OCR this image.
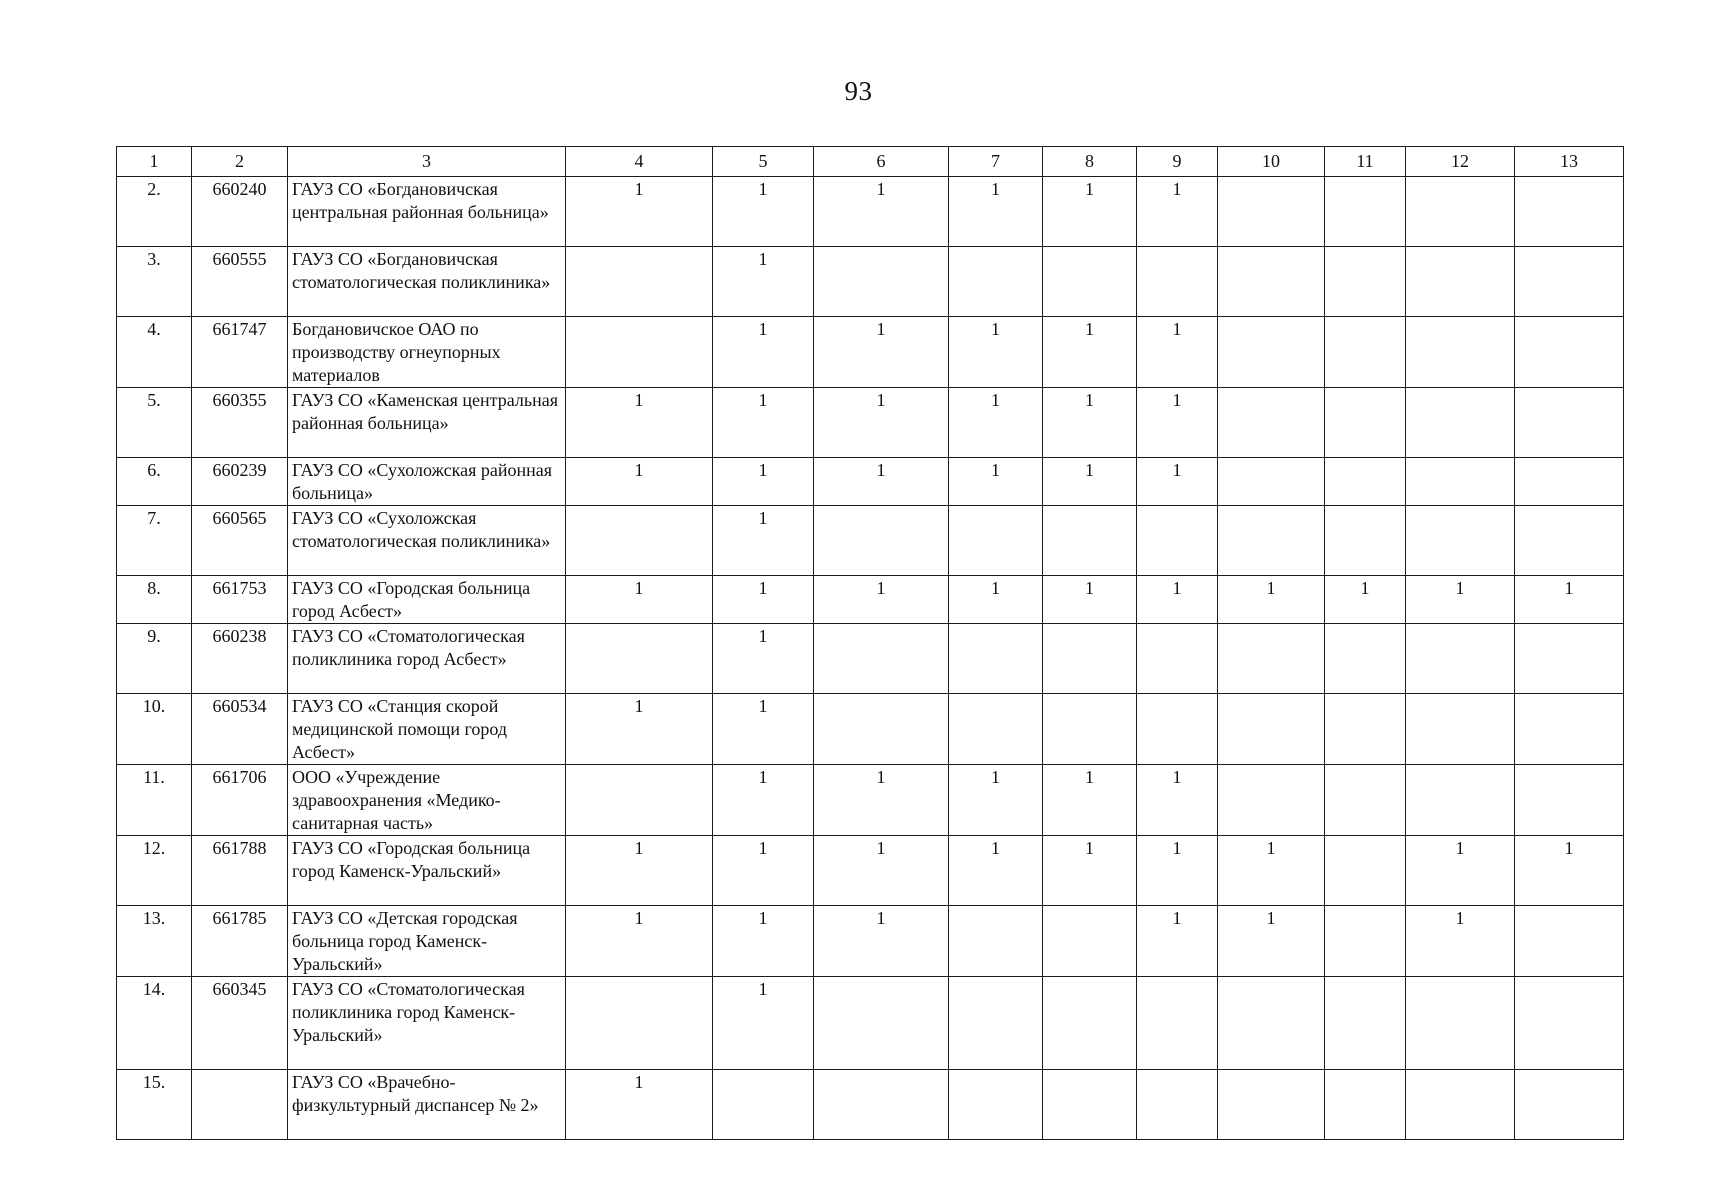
93
1	2	3	4	5	6	7	8	9	10	11	12	13
2.	660240	ГАУЗ СО «Богдановичская центральная районная больница»	1	1	1	1	1	1				
3.	660555	ГАУЗ СО «Богдановичская стоматологическая поликлиника»		1								
4.	661747	Богдановичское ОАО по производству огнеупорных материалов		1	1	1	1	1				
5.	660355	ГАУЗ СО «Каменская центральная районная больница»	1	1	1	1	1	1				
6.	660239	ГАУЗ СО «Сухоложская районная больница»	1	1	1	1	1	1				
7.	660565	ГАУЗ СО «Сухоложская стоматологическая поликлиника»		1								
8.	661753	ГАУЗ СО «Городская больница город Асбест»	1	1	1	1	1	1	1	1	1	1
9.	660238	ГАУЗ СО «Стоматологическая поликлиника город Асбест»		1								
10.	660534	ГАУЗ СО «Станция скорой медицинской помощи город Асбест»	1	1								
11.	661706	ООО «Учреждение здравоохранения «Медико-санитарная часть»		1	1	1	1	1				
12.	661788	ГАУЗ СО «Городская больница город Каменск-Уральский»	1	1	1	1	1	1	1		1	1
13.	661785	ГАУЗ СО «Детская городская больница город Каменск-Уральский»	1	1	1			1	1		1	
14.	660345	ГАУЗ СО «Стоматологическая поликлиника город Каменск-Уральский»		1								
15.		ГАУЗ СО «Врачебно-физкультурный диспансер № 2»	1									
